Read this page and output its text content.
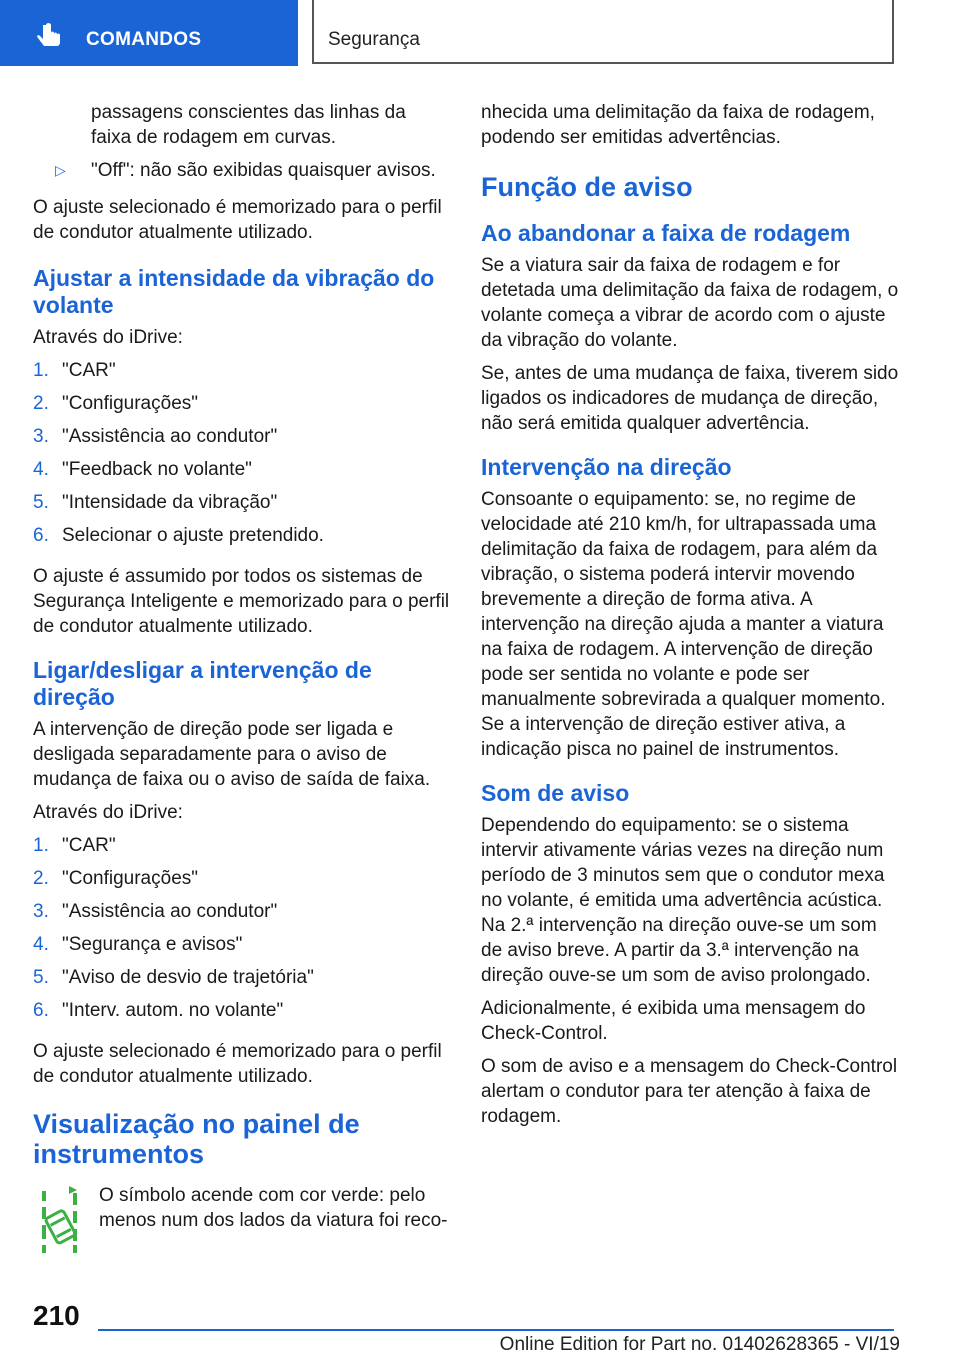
COMANDOS	Segurança

passagens conscientes das linhas da faixa de rodagem em curvas.

▷	"Off": não são exibidas quaisquer avisos.

O ajuste selecionado é memorizado para o perfil de condutor atualmente utilizado.

Ajustar a intensidade da vibração do volante

Através do iDrive:

1. "CAR"
2. "Configurações"
3. "Assistência ao condutor"
4. "Feedback no volante"
5. "Intensidade da vibração"
6. Selecionar o ajuste pretendido.

O ajuste é assumido por todos os sistemas de Segurança Inteligente e memorizado para o perfil de condutor atualmente utilizado.

Ligar/desligar a intervenção de direção

A intervenção de direção pode ser ligada e desligada separadamente para o aviso de mudança de faixa ou o aviso de saída de faixa.

Através do iDrive:

1. "CAR"
2. "Configurações"
3. "Assistência ao condutor"
4. "Segurança e avisos"
5. "Aviso de desvio de trajetória"
6. "Interv. autom. no volante"

O ajuste selecionado é memorizado para o perfil de condutor atualmente utilizado.

Visualização no painel de instrumentos

O símbolo acende com cor verde: pelo menos num dos lados da viatura foi reco-

nhecida uma delimitação da faixa de rodagem, podendo ser emitidas advertências.

Função de aviso
Ao abandonar a faixa de rodagem

Se a viatura sair da faixa de rodagem e for detetada uma delimitação da faixa de rodagem, o volante começa a vibrar de acordo com o ajuste da vibração do volante.

Se, antes de uma mudança de faixa, tiverem sido ligados os indicadores de mudança de direção, não será emitida qualquer advertência.

Intervenção na direção

Consoante o equipamento: se, no regime de velocidade até 210 km/h, for ultrapassada uma delimitação da faixa de rodagem, para além da vibração, o sistema poderá intervir movendo brevemente a direção de forma ativa. A intervenção na direção ajuda a manter a viatura na faixa de rodagem. A intervenção de direção pode ser sentida no volante e pode ser manualmente sobrevirada a qualquer momento. Se a intervenção de direção estiver ativa, a indicação pisca no painel de instrumentos.

Som de aviso

Dependendo do equipamento: se o sistema intervir ativamente várias vezes na direção num período de 3 minutos sem que o condutor mexa no volante, é emitida uma advertência acústica. Na 2.ª intervenção na direção ouve-se um som de aviso breve. A partir da 3.ª intervenção na direção ouve-se um som de aviso prolongado.

Adicionalmente, é exibida uma mensagem do Check-Control.

O som de aviso e a mensagem do Check-Control alertam o condutor para ter atenção à faixa de rodagem.

210
Online Edition for Part no. 01402628365 - VI/19
